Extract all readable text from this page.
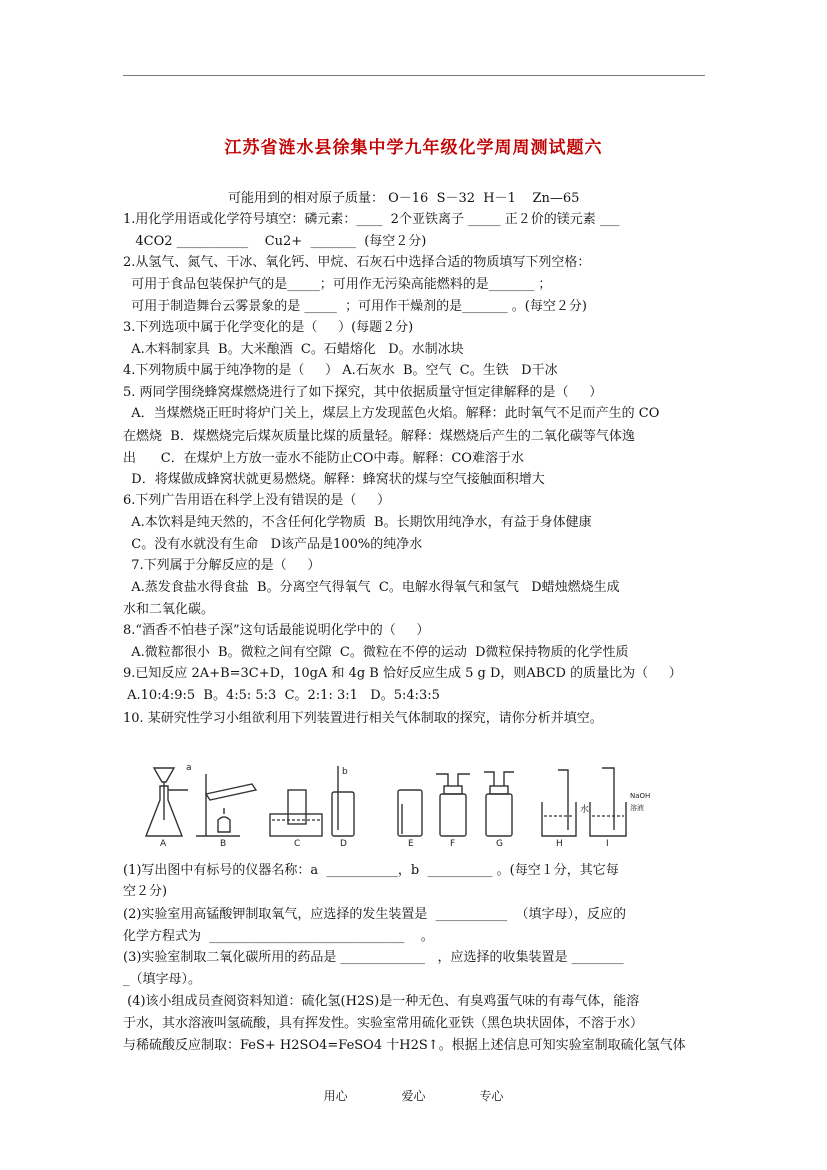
江苏省涟水县徐集中学九年级化学周周测试题六
可能用到的相对原子质量： O－16  S－32  H－1    Zn—65
1.用化学用语或化学符号填空：磷元素：____  2个亚铁离子 _____ 正２价的镁元素 ___
4CO2 ___________    Cu2+  _______  (每空２分)
2.从氢气、氮气、干冰、氧化钙、甲烷、石灰石中选择合适的物质填写下列空格：
可用于食品包装保护气的是_____；可用作无污染高能燃料的是_______ ；
可用于制造舞台云雾景象的是 _____  ；可用作干燥剂的是_______ 。(每空２分)
3.下列选项中属于化学变化的是（     ）(每题２分)
A.木料制家具  B。大米酿酒  C。石蜡熔化   D。水制冰块
4.下列物质中属于纯净物的是（     ） A.石灰水  B。空气  C。生铁   D干冰
5. 两同学围绕蜂窝煤燃烧进行了如下探究，其中依据质量守恒定律解释的是（     ）
A．当煤燃烧正旺时将炉门关上，煤层上方发现蓝色火焰。解释：此时氧气不足而产生的 CO
在燃烧  B．煤燃烧完后煤灰质量比煤的质量轻。解释：煤燃烧后产生的二氧化碳等气体逸
出      C．在煤炉上方放一壶水不能防止CO中毒。解释：CO难溶于水
D．将煤做成蜂窝状就更易燃烧。解释：蜂窝状的煤与空气接触面积增大
6.下列广告用语在科学上没有错误的是（     ）
A.本饮料是纯天然的，不含任何化学物质  B。长期饮用纯净水，有益于身体健康
C。没有水就没有生命   D该产品是100%的纯净水
7.下列属于分解反应的是（     ）
A.蒸发食盐水得食盐  B。分离空气得氧气  C。电解水得氧气和氢气   D蜡烛燃烧生成
水和二氧化碳。
8.“酒香不怕巷子深”这句话最能说明化学中的（     ）
A.微粒都很小  B。微粒之间有空隙  C。微粒在不停的运动  D微粒保持物质的化学性质
9.已知反应 2A+B=3C+D，10gA 和 4g B 恰好反应生成 5 g D，则ABCD 的质量比为（     ）
A.10:4:9:5  B。4:5: 5:3  C。2:1: 3:1   D。5:4:3:5
10. 某研究性学习小组欲利用下列装置进行相关气体制取的探究，请你分析并填空。
a	b
A	B	C	D	E	F	G	H	I
水
NaOH
溶液
(1)写出图中有标号的仪器名称：a  ___________，b  __________ 。(每空１分，其它每
空２分)
(2)实验室用高锰酸钾制取氧气，应选择的发生装置是  ___________  （填字母），反应的
化学方程式为  ______________________________    。
(3)实验室制取二氧化碳所用的药品是 _____________   ，应选择的收集装置是 ________
_（填字母）。
(4)该小组成员查阅资料知道：硫化氢(H2S)是一种无色、有臭鸡蛋气味的有毒气体，能溶
于水，其水溶液叫氢硫酸，具有挥发性。实验室常用硫化亚铁（黑色块状固体，不溶于水）
与稀硫酸反应制取：FeS+ H2SO4=FeSO4 十H2S↑。根据上述信息可知实验室制取硫化氢气体
用心	爱心	专心
